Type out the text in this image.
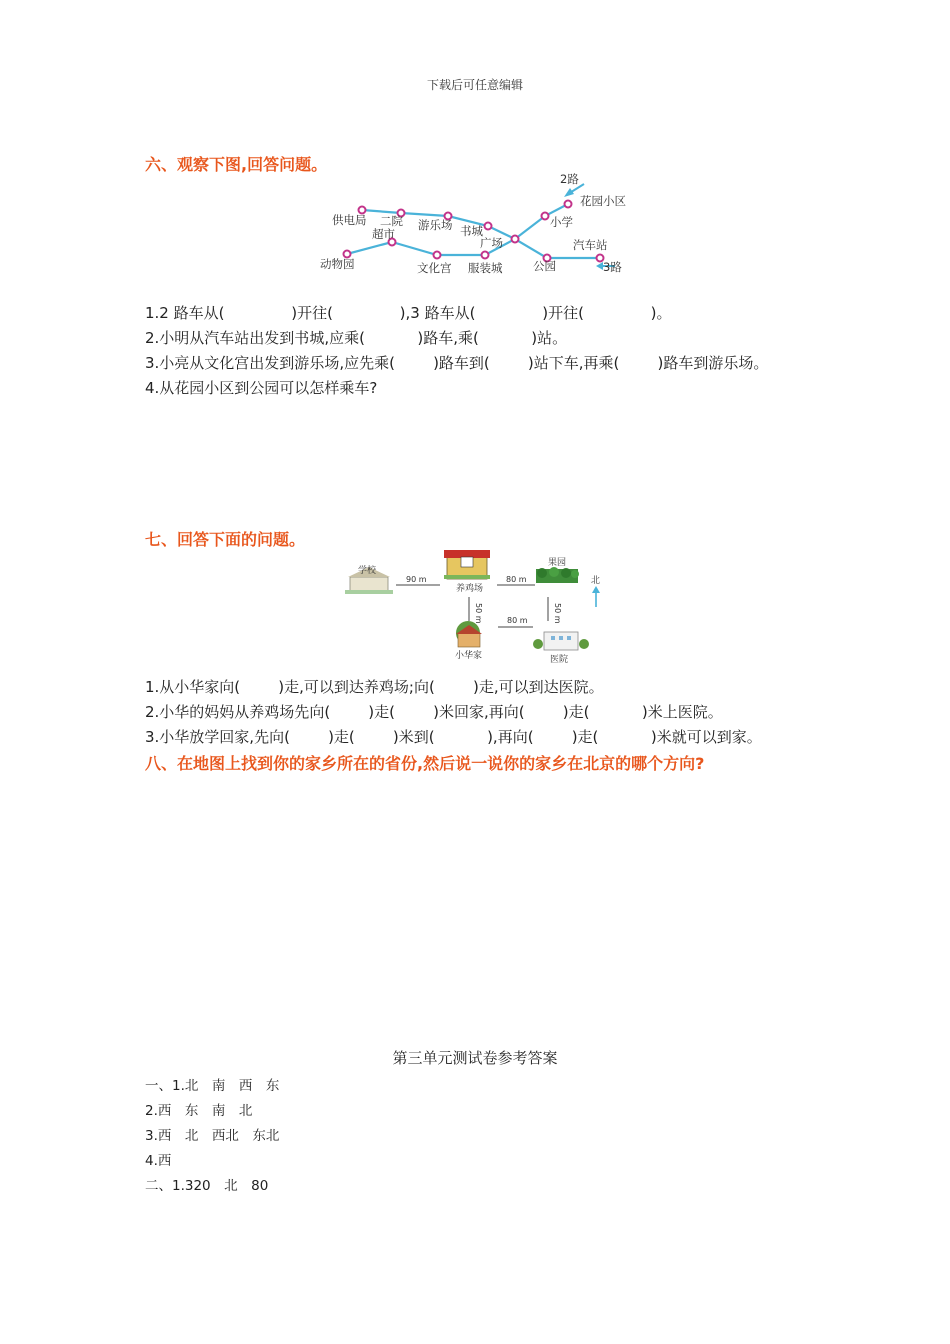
下载后可任意编辑
六、观察下图,回答问题。
2路
3路
供电局 二院
超市
游乐场 书城
广场
小学
花园小区
动物园	文化宫 服装城	公园
汽车站
1.2 路车从(              )开往(              ),3 路车从(              )开往(              )。
2.小明从汽车站出发到书城,应乘(           )路车,乘(           )站。
3.小亮从文化宫出发到游乐场,应先乘(        )路车到(        )站下车,再乘(        )路车到游乐场。
4.从花园小区到公园可以怎样乘车?
七、回答下面的问题。
学校
养鸡场
果园
小华家	医院
90 m	80 m
80 m
50 m	50 m
北
1.从小华家向(        )走,可以到达养鸡场;向(        )走,可以到达医院。
2.小华的妈妈从养鸡场先向(        )走(        )米回家,再向(        )走(           )米上医院。
3.小华放学回家,先向(        )走(        )米到(           ),再向(        )走(           )米就可以到家。
八、在地图上找到你的家乡所在的省份,然后说一说你的家乡在北京的哪个方向?
第三单元测试卷参考答案
一、1.北　南　西　东
2.西　东　南　北
3.西　北　西北　东北
4.西
二、1.320　北　80
